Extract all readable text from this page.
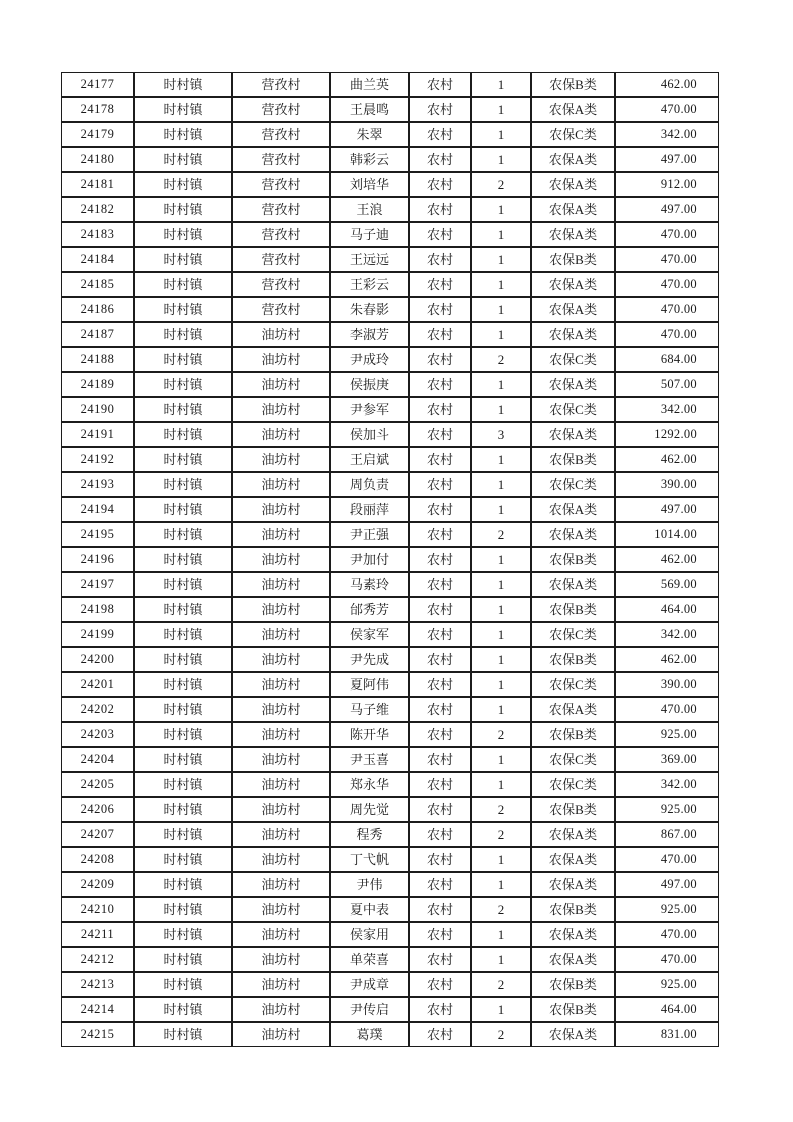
24177	时村镇	营孜村	曲兰英	农村	1	农保B类	462.00
24178	时村镇	营孜村	王晨鸣	农村	1	农保A类	470.00
24179	时村镇	营孜村	朱翠	农村	1	农保C类	342.00
24180	时村镇	营孜村	韩彩云	农村	1	农保A类	497.00
24181	时村镇	营孜村	刘培华	农村	2	农保A类	912.00
24182	时村镇	营孜村	王浪	农村	1	农保A类	497.00
24183	时村镇	营孜村	马子迪	农村	1	农保A类	470.00
24184	时村镇	营孜村	王远远	农村	1	农保B类	470.00
24185	时村镇	营孜村	王彩云	农村	1	农保A类	470.00
24186	时村镇	营孜村	朱春影	农村	1	农保A类	470.00
24187	时村镇	油坊村	李淑芳	农村	1	农保A类	470.00
24188	时村镇	油坊村	尹成玲	农村	2	农保C类	684.00
24189	时村镇	油坊村	侯振庚	农村	1	农保A类	507.00
24190	时村镇	油坊村	尹参军	农村	1	农保C类	342.00
24191	时村镇	油坊村	侯加斗	农村	3	农保A类	1292.00
24192	时村镇	油坊村	王启斌	农村	1	农保B类	462.00
24193	时村镇	油坊村	周负责	农村	1	农保C类	390.00
24194	时村镇	油坊村	段丽萍	农村	1	农保A类	497.00
24195	时村镇	油坊村	尹正强	农村	2	农保A类	1014.00
24196	时村镇	油坊村	尹加付	农村	1	农保B类	462.00
24197	时村镇	油坊村	马素玲	农村	1	农保A类	569.00
24198	时村镇	油坊村	邰秀芳	农村	1	农保B类	464.00
24199	时村镇	油坊村	侯家军	农村	1	农保C类	342.00
24200	时村镇	油坊村	尹先成	农村	1	农保B类	462.00
24201	时村镇	油坊村	夏阿伟	农村	1	农保C类	390.00
24202	时村镇	油坊村	马子维	农村	1	农保A类	470.00
24203	时村镇	油坊村	陈开华	农村	2	农保B类	925.00
24204	时村镇	油坊村	尹玉喜	农村	1	农保C类	369.00
24205	时村镇	油坊村	郑永华	农村	1	农保C类	342.00
24206	时村镇	油坊村	周先觉	农村	2	农保B类	925.00
24207	时村镇	油坊村	程秀	农村	2	农保A类	867.00
24208	时村镇	油坊村	丁弋帆	农村	1	农保A类	470.00
24209	时村镇	油坊村	尹伟	农村	1	农保A类	497.00
24210	时村镇	油坊村	夏中表	农村	2	农保B类	925.00
24211	时村镇	油坊村	侯家用	农村	1	农保A类	470.00
24212	时村镇	油坊村	单荣喜	农村	1	农保A类	470.00
24213	时村镇	油坊村	尹成章	农村	2	农保B类	925.00
24214	时村镇	油坊村	尹传启	农村	1	农保B类	464.00
24215	时村镇	油坊村	葛璞	农村	2	农保A类	831.00
